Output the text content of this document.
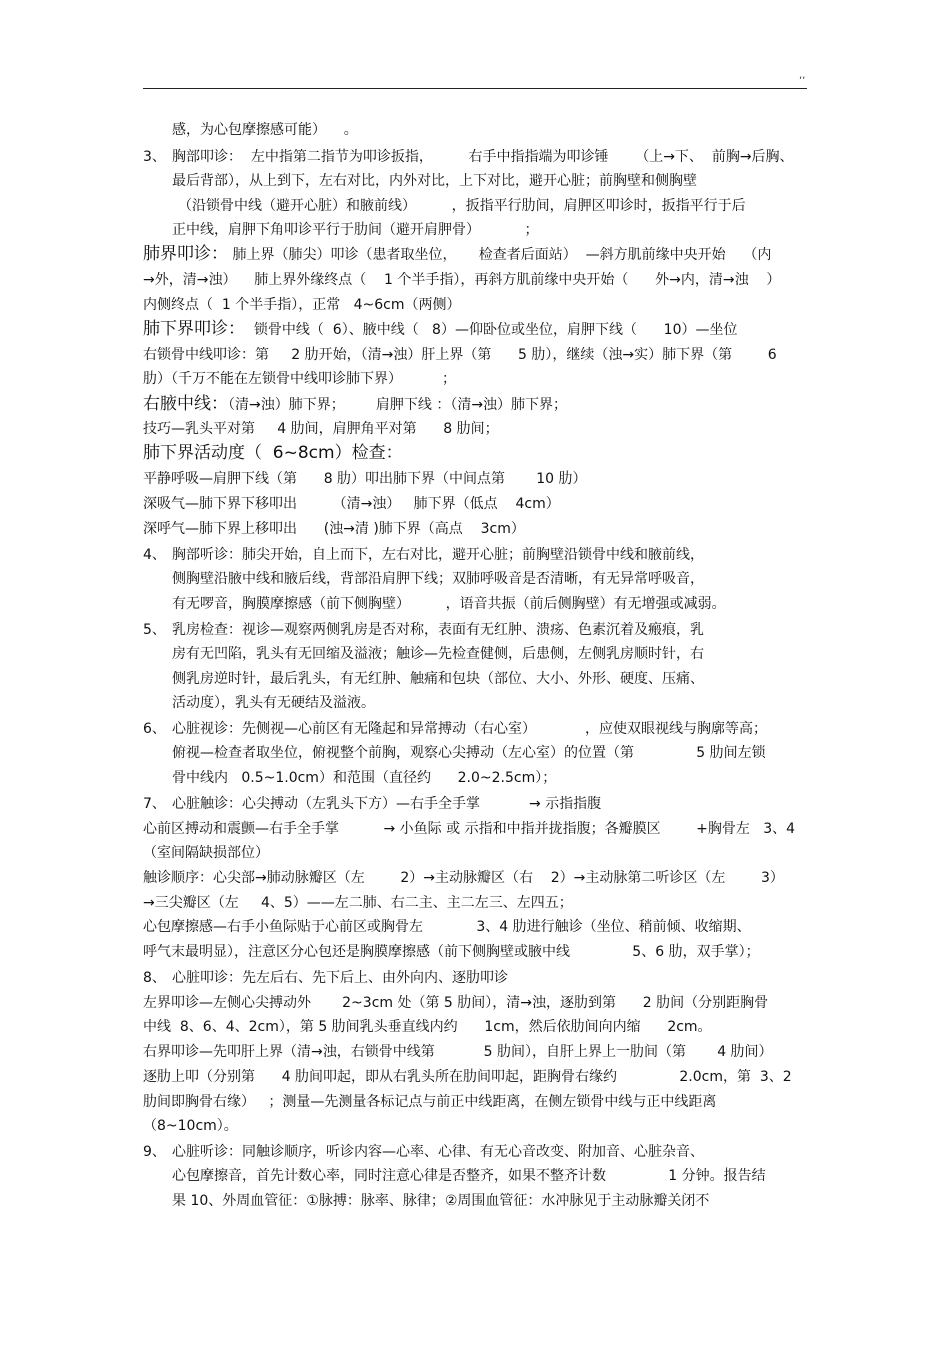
,,
感，为心包摩擦感可能）    。
3、 胸部叩诊：  左中指第二指节为叩诊扳指，        右手中指指端为叩诊锤      （上→下、  前胸→后胸、
最后背部），从上到下，左右对比，内外对比，上下对比，避开心脏；前胸壁和侧胸壁
（沿锁骨中线（避开心脏）和腋前线）        ，扳指平行肋间，肩胛区叩诊时，扳指平行于后
正中线，肩胛下角叩诊平行于肋间（避开肩胛骨）          ；
肺界叩诊： 肺上界（肺尖）叩诊（患者取坐位，     检查者后面站）  —斜方肌前缘中央开始    （内
→外，清→浊）    肺上界外缘终点（    1 个半手指），再斜方肌前缘中央开始（      外→内，清→浊    ）
内侧终点（  1 个半手指），正常   4~6cm（两侧）
肺下界叩诊：  锁骨中线（  6）、腋中线（   8）—仰卧位或坐位，肩胛下线（      10）—坐位
右锁骨中线叩诊：第     2 肋开始，（清→浊）肝上界（第      5 肋），继续（浊→实）肺下界（第        6
肋）（千万不能在左锁骨中线叩诊肺下界）         ；
右腋中线：（清→浊）肺下界；       肩胛下线 ：（清→浊）肺下界；
技巧—乳头平对第     4 肋间，肩胛角平对第      8 肋间；
肺下界活动度（  6~8cm）检查：
平静呼吸—肩胛下线（第      8 肋）叩出肺下界（中间点第       10 肋）
深吸气—肺下界下移叩出        （清→浊）   肺下界（低点    4cm）
深呼气—肺下界上移叩出      (浊→清 )肺下界（高点    3cm）
4、 胸部听诊：肺尖开始，自上而下，左右对比，避开心脏；前胸壁沿锁骨中线和腋前线，
侧胸壁沿腋中线和腋后线，背部沿肩胛下线；双肺呼吸音是否清晰，有无异常呼吸音，
有无啰音，胸膜摩擦感（前下侧胸壁）        ，语音共振（前后侧胸壁）有无增强或减弱。
5、 乳房检查：视诊—观察两侧乳房是否对称，表面有无红肿、溃疡、色素沉着及瘢痕，乳
房有无凹陷，乳头有无回缩及溢液；触诊—先检查健侧，后患侧，左侧乳房顺时针，右
侧乳房逆时针，最后乳头，有无红肿、触痛和包块（部位、大小、外形、硬度、压痛、
活动度），乳头有无硬结及溢液。
6、 心脏视诊：先侧视—心前区有无隆起和异常搏动（右心室）           ，应使双眼视线与胸廓等高；
俯视—检查者取坐位，俯视整个前胸，观察心尖搏动（左心室）的位置（第              5 肋间左锁
骨中线内   0.5~1.0cm）和范围（直径约      2.0~2.5cm）；
7、 心脏触诊：心尖搏动（左乳头下方）—右手全手掌           → 示指指腹
心前区搏动和震颤—右手全手掌          → 小鱼际 或 示指和中指并拢指腹；各瓣膜区        +胸骨左   3、4
（室间隔缺损部位）
触诊顺序：心尖部→肺动脉瓣区（左        2）→主动脉瓣区（右    2）→主动脉第二听诊区（左        3）
→三尖瓣区（左     4、5）——左二肺、右二主、主二左三、左四五；
心包摩擦感—右手小鱼际贴于心前区或胸骨左            3、4 肋进行触诊（坐位、稍前倾、收缩期、
呼气末最明显），注意区分心包还是胸膜摩擦感（前下侧胸壁或腋中线              5、6 肋，双手掌）；
8、 心脏叩诊：先左后右、先下后上、由外向内、逐肋叩诊
左界叩诊—左侧心尖搏动外       2~3cm 处（第 5 肋间），清→浊，逐肋到第      2 肋间（分别距胸骨
中线  8、6、4、2cm），第 5 肋间乳头垂直线内约      1cm，然后依肋间向内缩      2cm。
右界叩诊—先叩肝上界（清→浊，右锁骨中线第           5 肋间），自肝上界上一肋间（第       4 肋间）
逐肋上叩（分别第      4 肋间叩起，即从右乳头所在肋间叩起，距胸骨右缘约              2.0cm，第  3、2
肋间即胸骨右缘）   ；测量—先测量各标记点与前正中线距离，在侧左锁骨中线与正中线距离
（8~10cm）。
9、 心脏听诊：同触诊顺序，听诊内容—心率、心律、有无心音改变、附加音、心脏杂音、
心包摩擦音，首先计数心率，同时注意心律是否整齐，如果不整齐计数              1 分钟。报告结
果 10、外周血管征：①脉搏：脉率、脉律；②周围血管征：水冲脉见于主动脉瓣关闭不
